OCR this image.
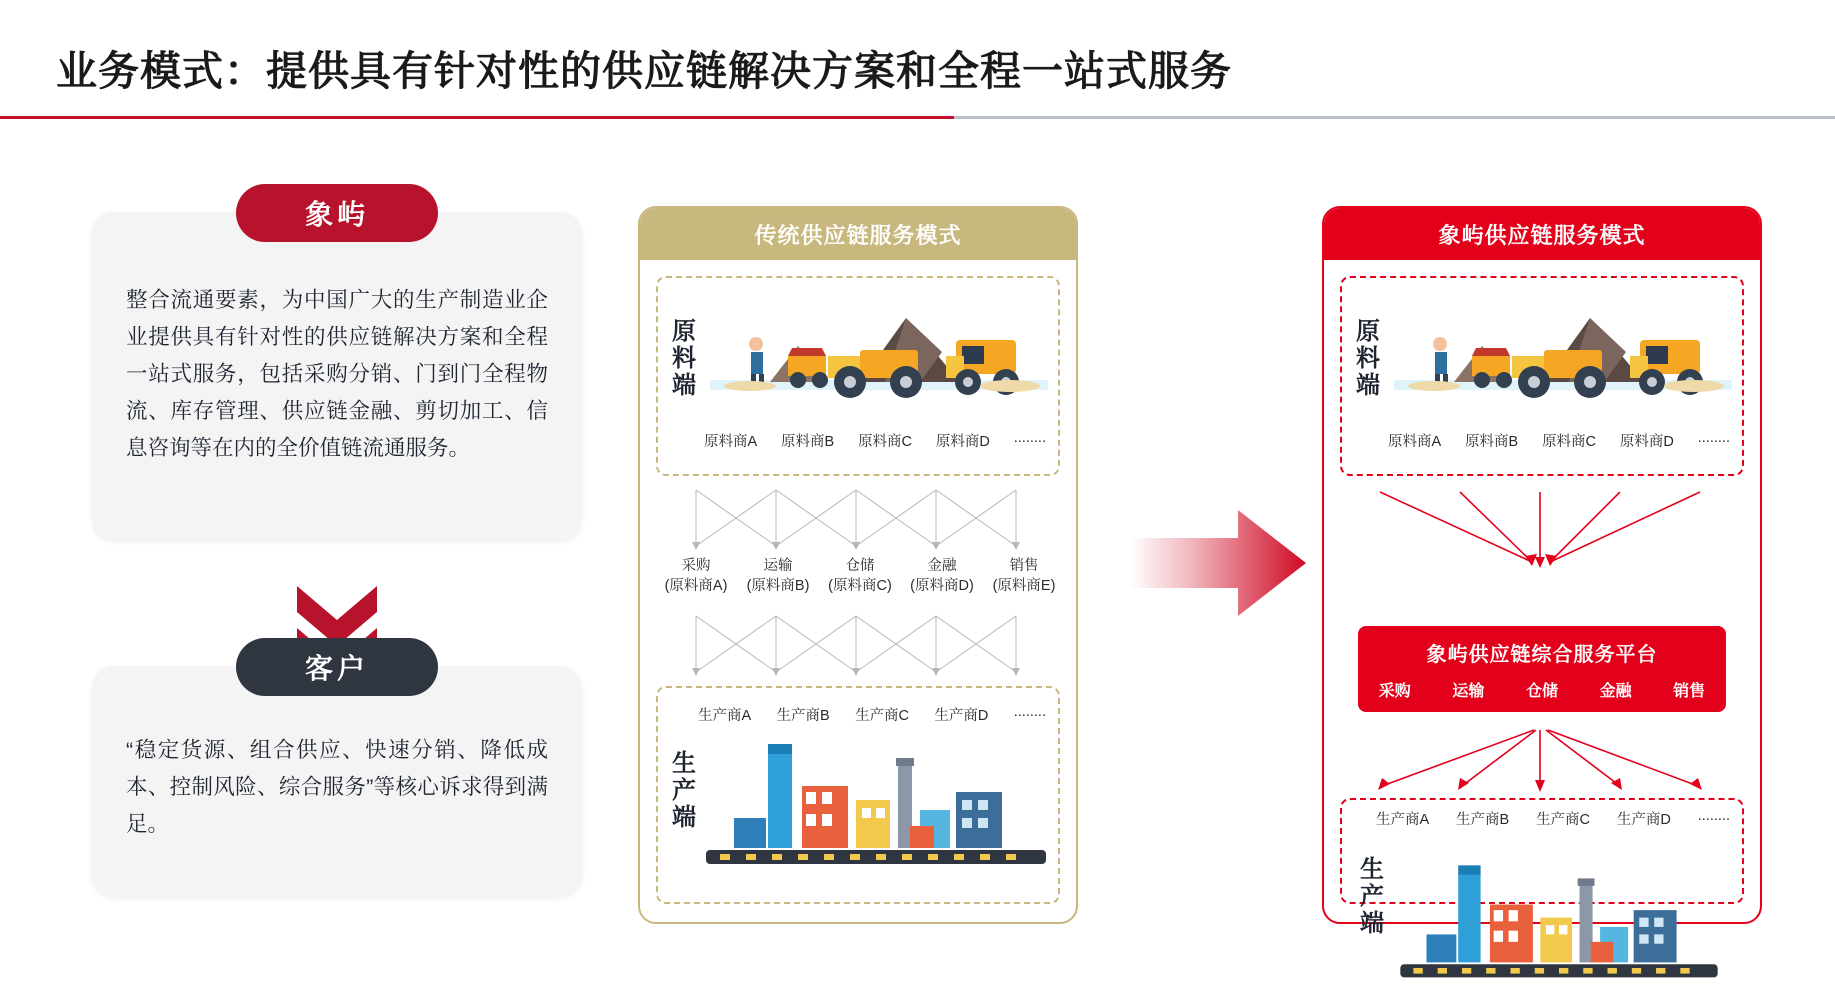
业务模式：提供具有针对性的供应链解决方案和全程一站式服务
象屿
整合流通要素，为中国广大的生产制造业企业提供具有针对性的供应链解决方案和全程一站式服务，包括采购分销、门到门全程物流、库存管理、供应链金融、剪切加工、信息咨询等在内的全价值链流通服务。
客户
“稳定货源、组合供应、快速分销、降低成本、控制风险、综合服务”等核心诉求得到满足。
传统供应链服务模式
原料端
原料商A 原料商B 原料商C 原料商D ........
采购
(原料商A)
运输
(原料商B)
仓储
(原料商C)
金融
(原料商D)
销售
(原料商E)
生产商A 生产商B 生产商C 生产商D ........
生产端
象屿供应链服务模式
原料端
原料商A 原料商B 原料商C 原料商D ........
生产商A 生产商B 生产商C 生产商D ........
生产端
象屿供应链综合服务平台
采购	运输	仓储	金融	销售
